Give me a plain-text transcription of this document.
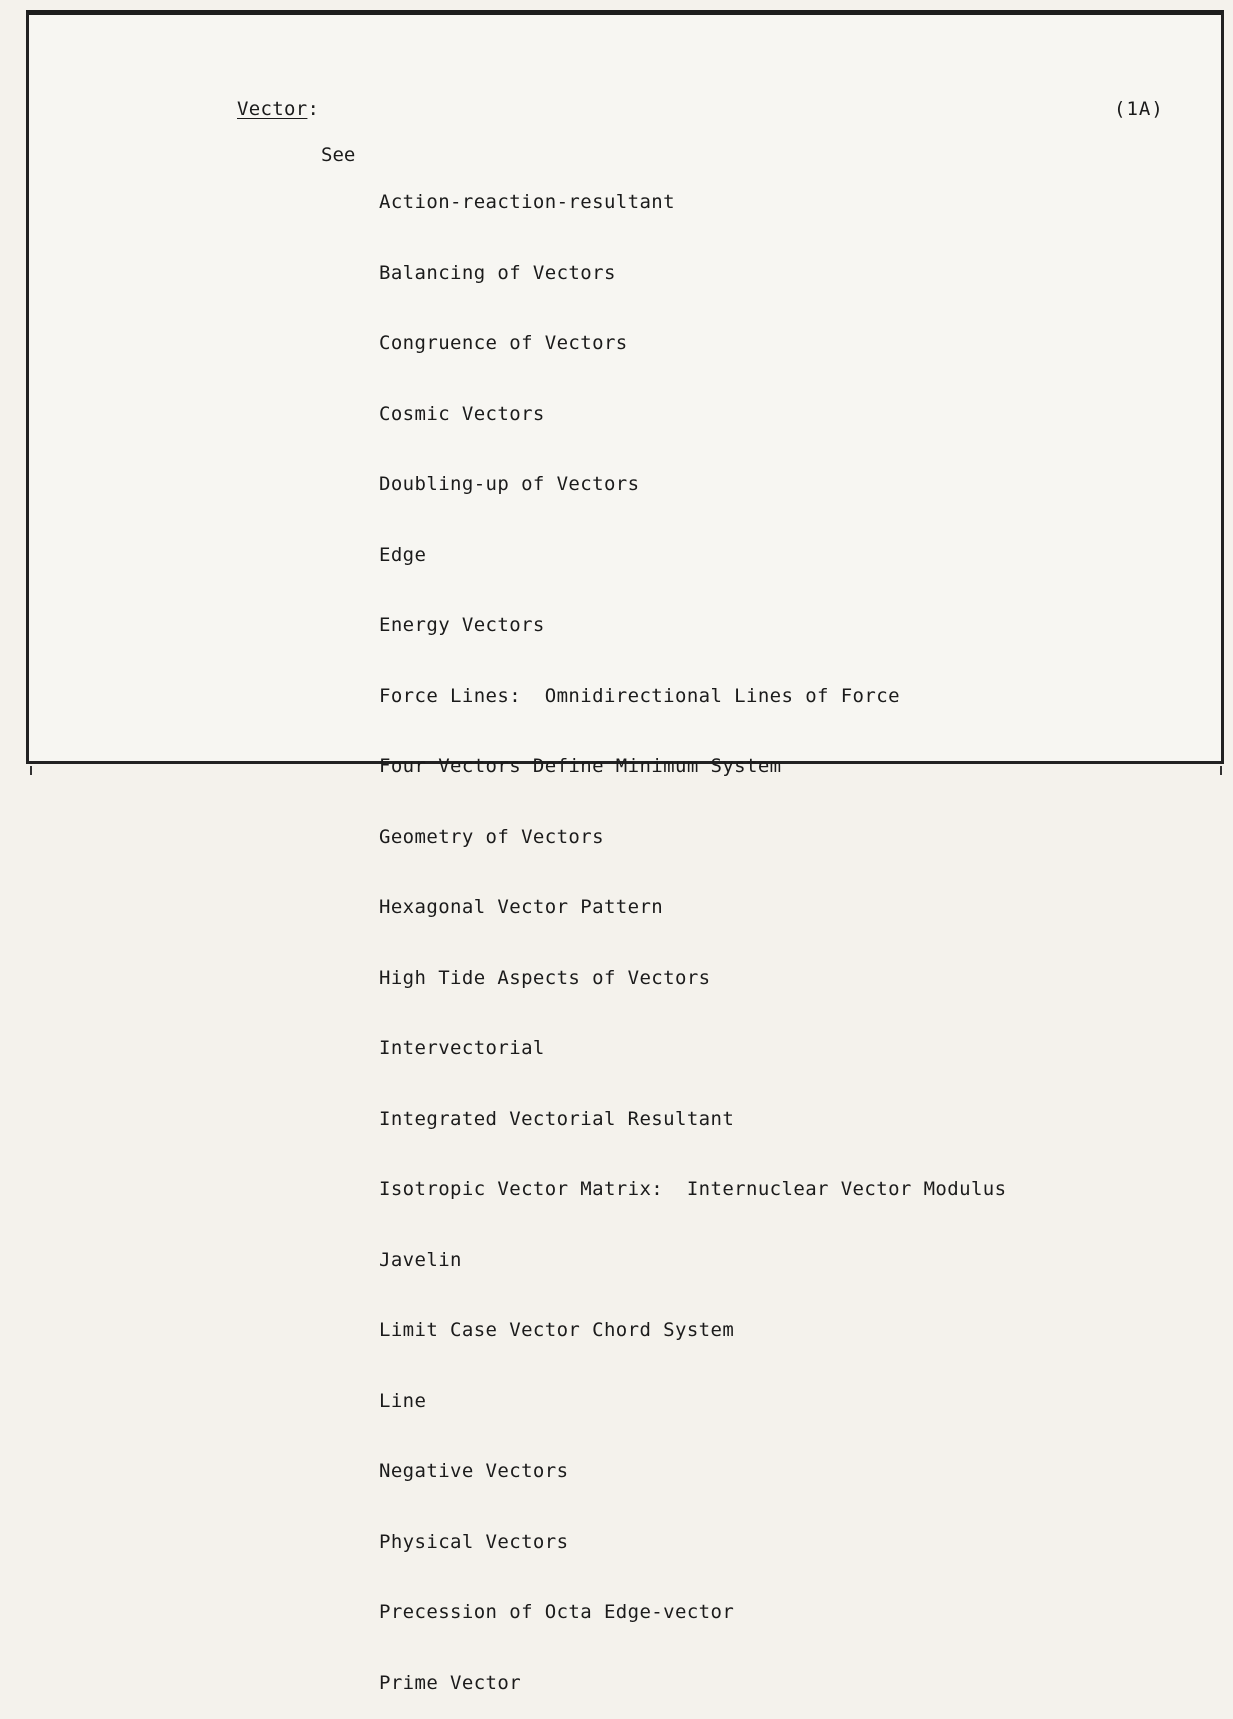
Vector:	(1A)
See

Action-reaction-resultant

Balancing of Vectors

Congruence of Vectors

Cosmic Vectors

Doubling-up of Vectors

Edge

Energy Vectors

Force Lines:  Omnidirectional Lines of Force

Four Vectors Define Minimum System

Geometry of Vectors

Hexagonal Vector Pattern

High Tide Aspects of Vectors

Intervectorial

Integrated Vectorial Resultant

Isotropic Vector Matrix:  Internuclear Vector Modulus

Javelin

Limit Case Vector Chord System

Line

Negative Vectors

Physical Vectors

Precession of Octa Edge-vector

Prime Vector
